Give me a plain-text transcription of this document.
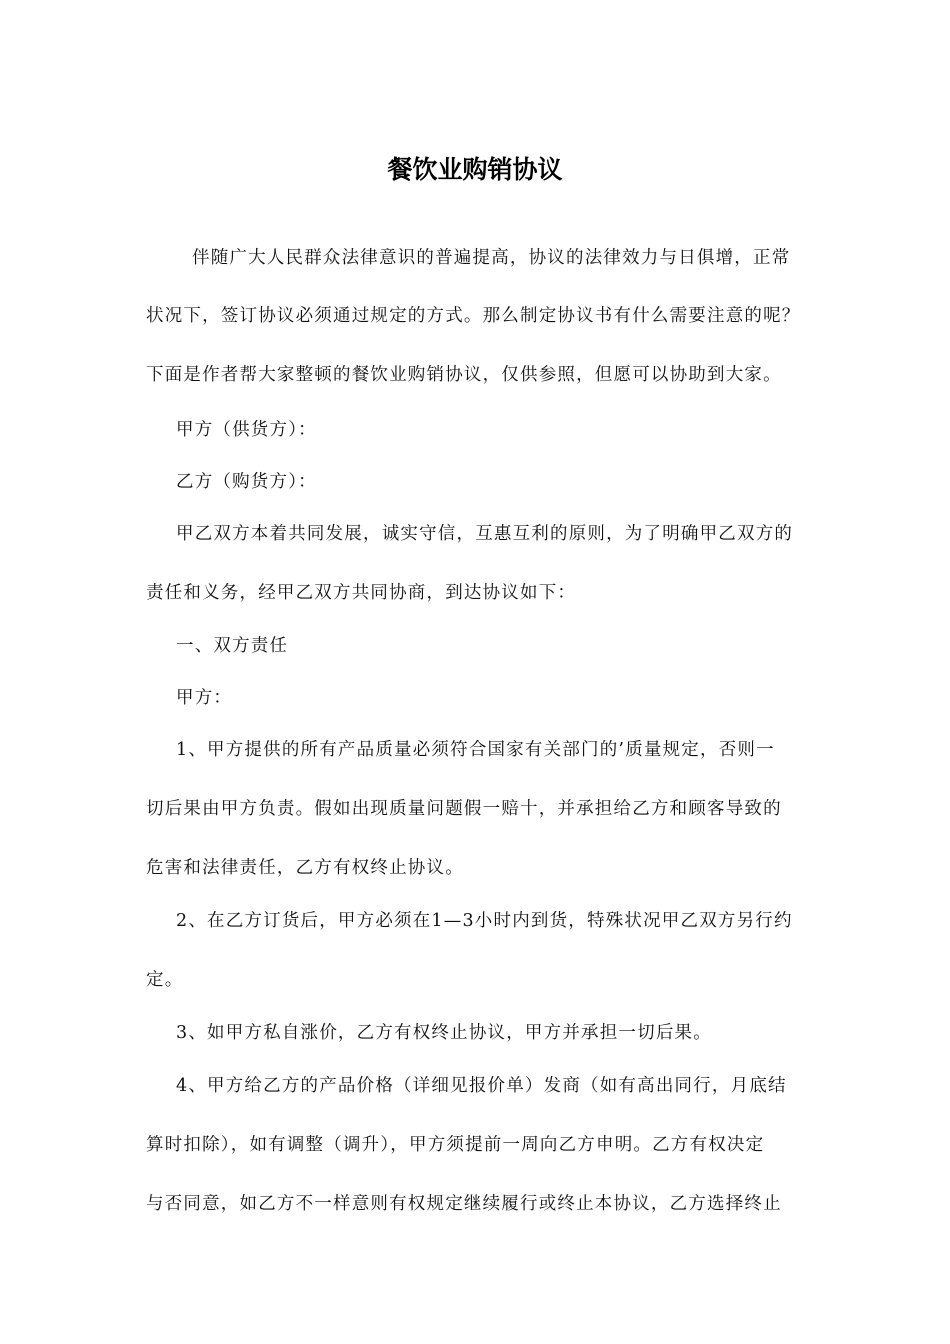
餐饮业购销协议
伴随广大人民群众法律意识的普遍提高，协议的法律效力与日俱增，正常
状况下，签订协议必须通过规定的方式。那么制定协议书有什么需要注意的呢？
下面是作者帮大家整顿的餐饮业购销协议，仅供参照，但愿可以协助到大家。
甲方（供货方）：
乙方（购货方）：
甲乙双方本着共同发展，诚实守信，互惠互利的原则，为了明确甲乙双方的
责任和义务，经甲乙双方共同协商，到达协议如下：
一、双方责任
甲方：
1、甲方提供的所有产品质量必须符合国家有关部门的’质量规定，否则一
切后果由甲方负责。假如出现质量问题假一赔十，并承担给乙方和顾客导致的
危害和法律责任，乙方有权终止协议。
2、在乙方订货后，甲方必须在1—3小时内到货，特殊状况甲乙双方另行约
定。
3、如甲方私自涨价，乙方有权终止协议，甲方并承担一切后果。
4、甲方给乙方的产品价格（详细见报价单）发商（如有高出同行，月底结
算时扣除），如有调整（调升），甲方须提前一周向乙方申明。乙方有权决定
与否同意，如乙方不一样意则有权规定继续履行或终止本协议，乙方选择终止
